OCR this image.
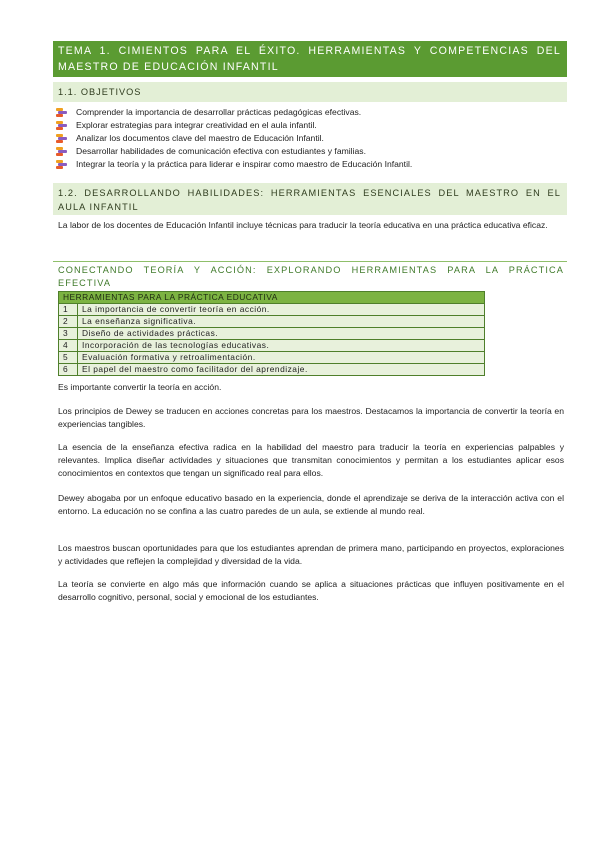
TEMA 1. CIMIENTOS PARA EL ÉXITO. HERRAMIENTAS Y COMPETENCIAS DEL MAESTRO DE EDUCACIÓN INFANTIL
1.1. OBJETIVOS
Comprender la importancia de desarrollar prácticas pedagógicas efectivas.
Explorar estrategias para integrar creatividad en el aula infantil.
Analizar los documentos clave del maestro de Educación Infantil.
Desarrollar habilidades de comunicación efectiva con estudiantes y familias.
Integrar la teoría y la práctica para liderar e inspirar como maestro de Educación Infantil.
1.2. DESARROLLANDO HABILIDADES: HERRAMIENTAS ESENCIALES DEL MAESTRO EN EL AULA INFANTIL

La labor de los docentes de Educación Infantil incluye técnicas para traducir la teoría educativa en una práctica educativa eficaz.

CONECTANDO TEORÍA Y ACCIÓN: EXPLORANDO HERRAMIENTAS PARA LA PRÁCTICA EFECTIVA

HERRAMIENTAS PARA LA PRÁCTICA EDUCATIVA	
1	La importancia de convertir teoría en acción.
2	La enseñanza significativa.
3	Diseño de actividades prácticas.
4	Incorporación de las tecnologías educativas.
5	Evaluación formativa y retroalimentación.
6	El papel del maestro como facilitador del aprendizaje.

Es importante convertir la teoría en acción.

Los principios de Dewey se traducen en acciones concretas para los maestros. Destacamos la importancia de convertir la teoría en experiencias tangibles.

La esencia de la enseñanza efectiva radica en la habilidad del maestro para traducir la teoría en experiencias palpables y relevantes. Implica diseñar actividades y situaciones que transmitan conocimientos y permitan a los estudiantes aplicar esos conocimientos en contextos que tengan un significado real para ellos.

Dewey abogaba por un enfoque educativo basado en la experiencia, donde el aprendizaje se deriva de la interacción activa con el entorno. La educación no se confina a las cuatro paredes de un aula, se extiende al mundo real.

Los maestros buscan oportunidades para que los estudiantes aprendan de primera mano, participando en proyectos, exploraciones y actividades que reflejen la complejidad y diversidad de la vida.

La teoría se convierte en algo más que información cuando se aplica a situaciones prácticas que influyen positivamente en el desarrollo cognitivo, personal, social y emocional de los estudiantes.
